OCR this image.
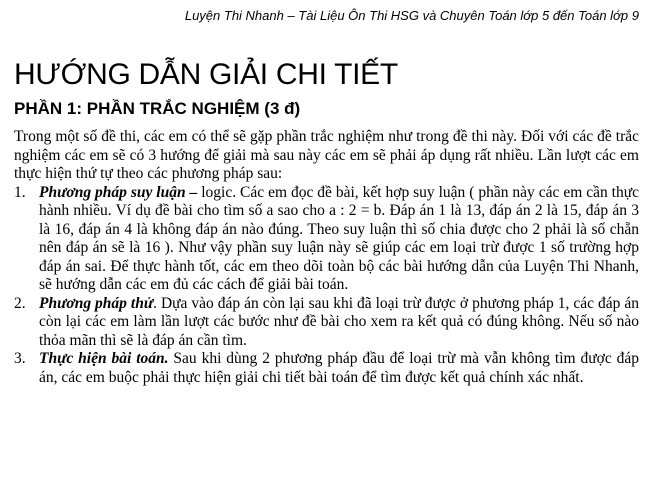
Luyện Thi Nhanh – Tài Liệu Ôn Thi HSG và Chuyên Toán lớp 5 đến Toán lớp 9
HƯỚNG DẪN GIẢI CHI TIẾT
PHẦN 1: PHẦN TRẮC NGHIỆM (3 đ)

Trong một số đề thi, các em có thể sẽ gặp phần trắc nghiệm như trong đề thi này. Đối với các đề trắc nghiệm các em sẽ có 3 hướng để giải mà sau này các em sẽ phải áp dụng rất nhiều. Lần lượt các em thực hiện thứ tự theo các phương pháp sau:

1. Phương pháp suy luận – logic. Các em đọc đề bài, kết hợp suy luận ( phần này các em cần thực hành nhiều. Ví dụ đề bài cho tìm số a sao cho a : 2 = b. Đáp án 1 là 13, đáp án 2 là 15, đáp án 3 là 16, đáp án 4 là không đáp án nào đúng. Theo suy luận thì số chia được cho 2 phải là số chẵn nên đáp án sẽ là 16 ). Như vậy phần suy luận này sẽ giúp các em loại trừ được 1 số trường hợp đáp án sai. Để thực hành tốt, các em theo dõi toàn bộ các bài hướng dẫn của Luyện Thi Nhanh, sẽ hướng dẫn các em đủ các cách để giải bài toán.
2. Phương pháp thử. Dựa vào đáp án còn lại sau khi đã loại trừ được ở phương pháp 1, các đáp án còn lại các em làm lần lượt các bước như đề bài cho xem ra kết quả có đúng không. Nếu số nào thỏa mãn thì sẽ là đáp án cần tìm.
3. Thực hiện bài toán. Sau khi dùng 2 phương pháp đầu để loại trừ mà vẫn không tìm được đáp án, các em buộc phải thực hiện giải chi tiết bài toán để tìm được kết quả chính xác nhất.
